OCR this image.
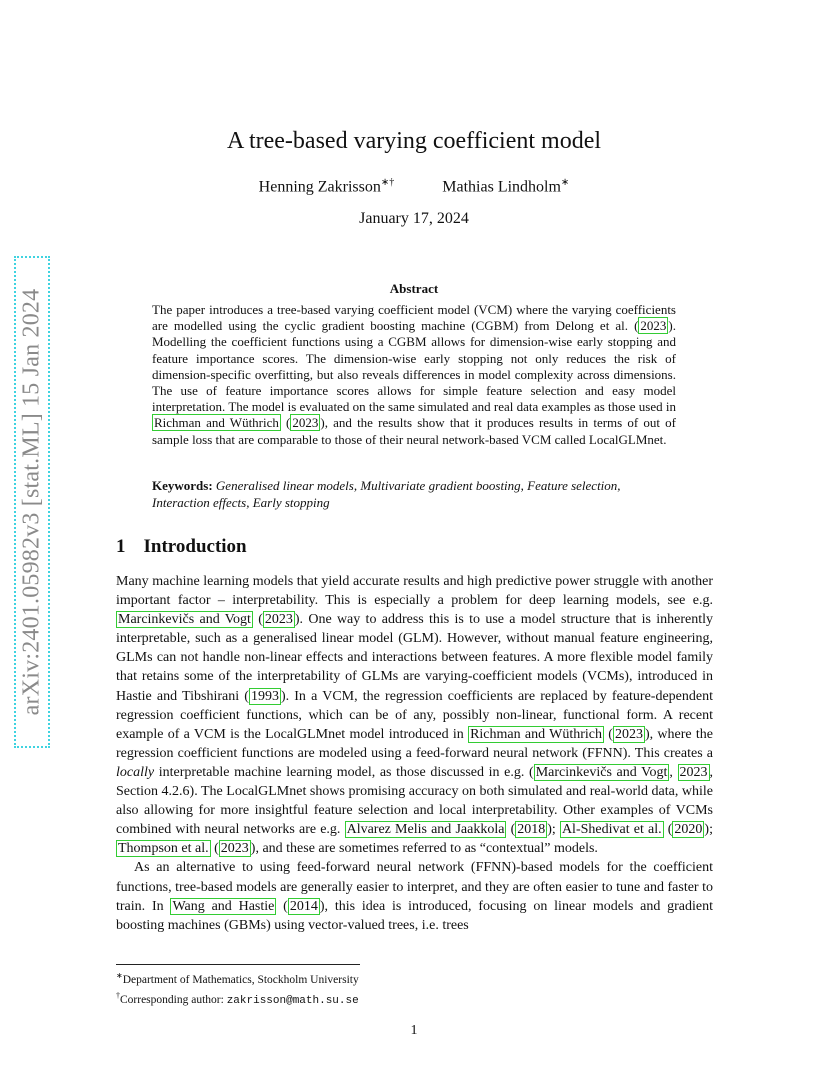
arXiv:2401.05982v3 [stat.ML] 15 Jan 2024
A tree-based varying coefficient model
Henning Zakrisson∗†	Mathias Lindholm∗
January 17, 2024
Abstract
The paper introduces a tree-based varying coefficient model (VCM) where the varying coefficients are modelled using the cyclic gradient boosting machine (CGBM) from Delong et al. ( 2023 ). Modelling the coefficient functions using a CGBM allows for dimension-wise early stopping and feature importance scores. The dimension-wise early stopping not only reduces the risk of dimension-specific overfitting, but also reveals differences in model complexity across dimensions. The use of feature importance scores allows for simple feature selection and easy model interpretation. The model is evaluated on the same simulated and real data examples as those used in Richman and Wüthrich ( 2023 ), and the results show that it produces results in terms of out of sample loss that are comparable to those of their neural network-based VCM called LocalGLMnet.
Keywords: Generalised linear models, Multivariate gradient boosting, Feature selection, Interaction effects, Early stopping
1 Introduction

Many machine learning models that yield accurate results and high predictive power struggle with another important factor – interpretability. This is especially a problem for deep learning models, see e.g. Marcinkevičs and Vogt ( 2023 ). One way to address this is to use a model structure that is inherently interpretable, such as a generalised linear model (GLM). However, without manual feature engineering, GLMs can not handle non-linear effects and interactions between features. A more flexible model family that retains some of the interpretability of GLMs are varying-coefficient models (VCMs), introduced in Hastie and Tibshirani ( 1993 ). In a VCM, the regression coefficients are replaced by feature-dependent regression coefficient functions, which can be of any, possibly non-linear, functional form. A recent example of a VCM is the LocalGLMnet model introduced in Richman and Wüthrich ( 2023 ), where the regression coefficient functions are modeled using a feed-forward neural network (FFNN). This creates a locally interpretable machine learning model, as those discussed in e.g. ( Marcinkevičs and Vogt , 2023 , Section 4.2.6). The LocalGLMnet shows promising accuracy on both simulated and real-world data, while also allowing for more insightful feature selection and local interpretability. Other examples of VCMs combined with neural networks are e.g. Alvarez Melis and Jaakkola ( 2018 ); Al-Shedivat et al. ( 2020 ); Thompson et al. ( 2023 ), and these are sometimes referred to as “contextual” models.

As an alternative to using feed-forward neural network (FFNN)-based models for the coefficient functions, tree-based models are generally easier to interpret, and they are often easier to tune and faster to train. In Wang and Hastie ( 2014 ), this idea is introduced, focusing on linear models and gradient boosting machines (GBMs) using vector-valued trees, i.e. trees

∗Department of Mathematics, Stockholm University
†Corresponding author: zakrisson@math.su.se
1
